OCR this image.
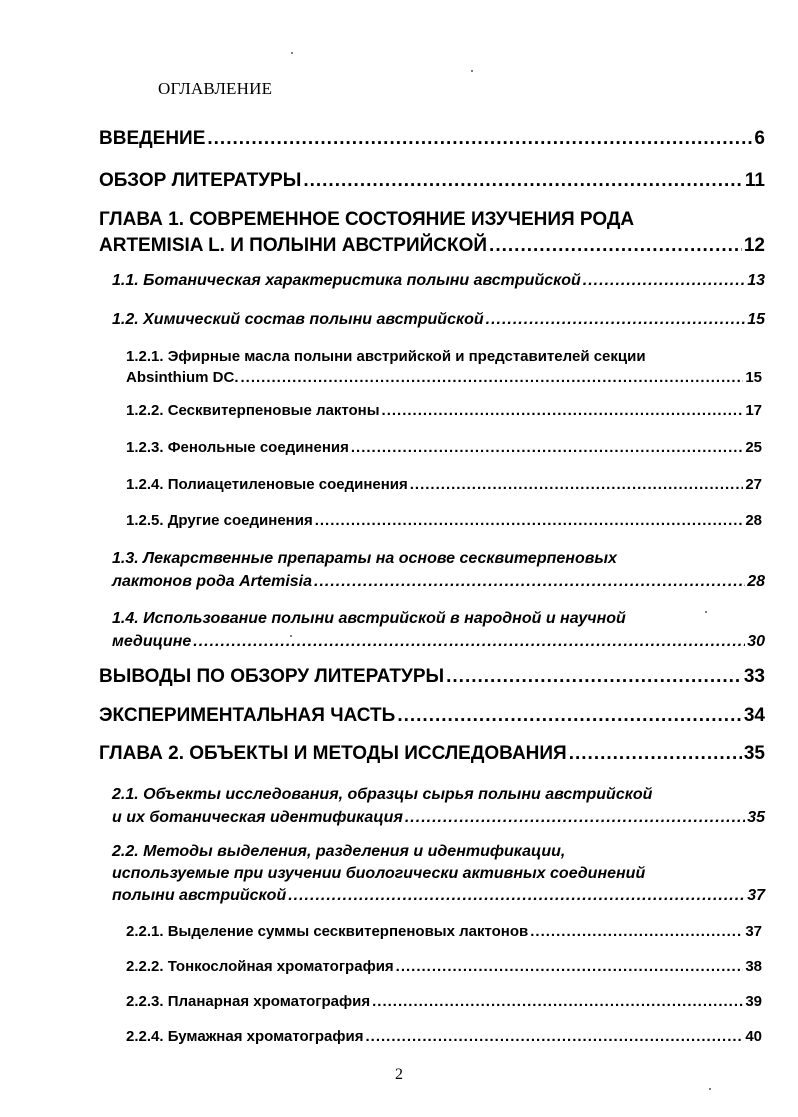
ОГЛАВЛЕНИЕ
ВВЕДЕНИЕ .....	6
ОБЗОР ЛИТЕРАТУРЫ .....	11
ГЛАВА 1. СОВРЕМЕННОЕ СОСТОЯНИЕ ИЗУЧЕНИЯ РОДА
ARTEMISIA L. И ПОЛЫНИ АВСТРИЙСКОЙ .....	12
1.1. Ботаническая характеристика полыни австрийской .....	13
1.2. Химический состав полыни австрийской .....	15
1.2.1. Эфирные масла полыни австрийской и представителей секции
Absinthium DC. .....	15
1.2.2. Сесквитерпеновые лактоны .....	17
1.2.3. Фенольные соединения .....	25
1.2.4. Полиацетиленовые соединения .....	27
1.2.5. Другие соединения .....	28
1.3. Лекарственные препараты на основе сесквитерпеновых
лактонов рода Artemisia .....	28
1.4. Использование полыни австрийской в народной и научной
медицине .....	30
ВЫВОДЫ ПО ОБЗОРУ ЛИТЕРАТУРЫ .....	33
ЭКСПЕРИМЕНТАЛЬНАЯ ЧАСТЬ .....	34
ГЛАВА 2. ОБЪЕКТЫ И МЕТОДЫ ИССЛЕДОВАНИЯ .....	35
2.1. Объекты исследования, образцы сырья полыни австрийской
и их ботаническая идентификация .....	35
2.2. Методы выделения, разделения и идентификации,
используемые при изучении биологически активных соединений
полыни австрийской .....	37
2.2.1. Выделение суммы сесквитерпеновых лактонов .....	37
2.2.2. Тонкослойная хроматография .....	38
2.2.3. Планарная хроматография .....	39
2.2.4. Бумажная хроматография .....	40
2
